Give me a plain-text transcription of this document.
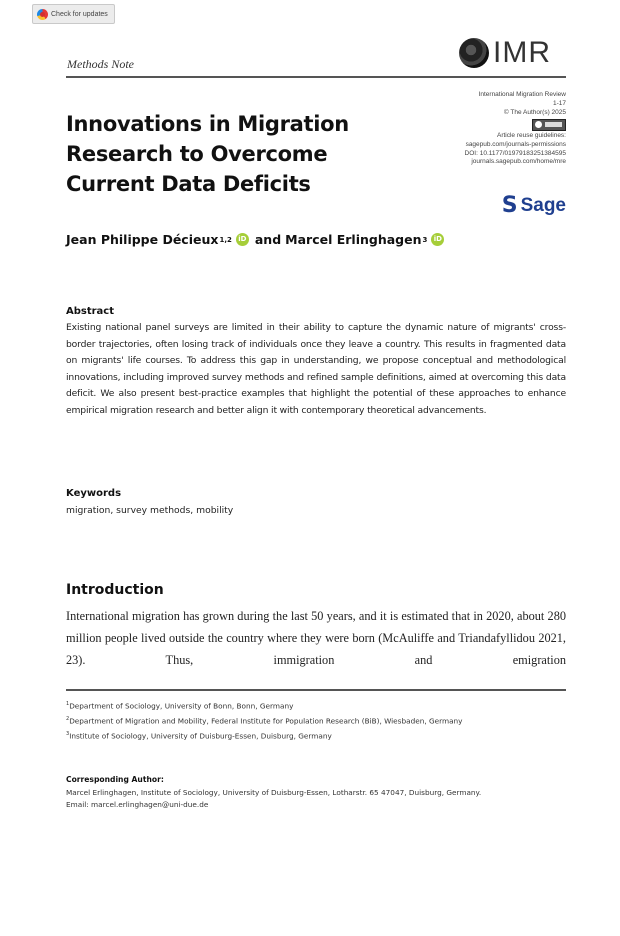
Check for updates
Methods Note	IMR
Innovations in Migration Research to Overcome Current Data Deficits
International Migration Review
1-17
© The Author(s) 2025
Article reuse guidelines:
sagepub.com/journals-permissions
DOI: 10.1177/01979183251384595
journals.sagepub.com/home/mre
S Sage
Jean Philippe Décieux 1,2 iD and Marcel Erlinghagen 3 iD
Abstract

Existing national panel surveys are limited in their ability to capture the dynamic nature of migrants' cross-border trajectories, often losing track of individuals once they leave a country. This results in fragmented data on migrants' life courses. To address this gap in understanding, we propose conceptual and methodological innovations, including improved survey methods and refined sample definitions, aimed at overcoming this data deficit. We also present best-practice examples that highlight the potential of these approaches to enhance empirical migration research and better align it with contemporary theoretical advancements.

Keywords
migration, survey methods, mobility
Introduction

International migration has grown during the last 50 years, and it is estimated that in 2020, about 280 million people lived outside the country where they were born (McAuliffe and Triandafyllidou 2021, 23). Thus, immigration and emigration

$^1$Department of Sociology, University of Bonn, Bonn, Germany
$^2$Department of Migration and Mobility, Federal Institute for Population Research (BiB), Wiesbaden, Germany
$^3$Institute of Sociology, University of Duisburg-Essen, Duisburg, Germany
Corresponding Author:
Marcel Erlinghagen, Institute of Sociology, University of Duisburg-Essen, Lotharstr. 65 47047, Duisburg, Germany.
Email: marcel.erlinghagen@uni-due.de
